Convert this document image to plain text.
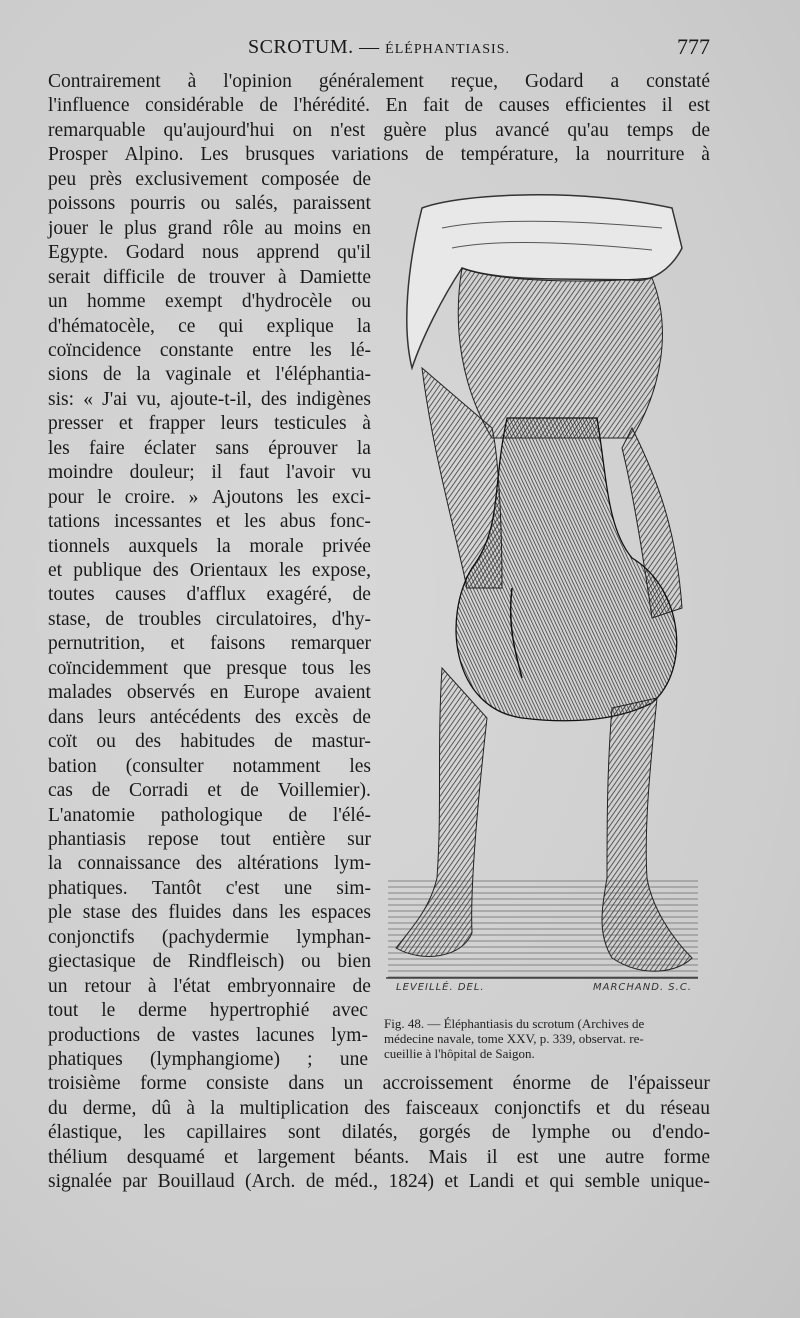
SCROTUM. — ÉLÉPHANTIASIS.	777
Contrairement à l'opinion généralement reçue, Godard a constaté
l'influence considérable de l'hérédité. En fait de causes efficientes il est
remarquable qu'aujourd'hui on n'est guère plus avancé qu'au temps de
Prosper Alpino. Les brusques variations de température, la nourriture à
peu près exclusivement composée de
poissons pourris ou salés, paraissent
jouer le plus grand rôle au moins en
Egypte. Godard nous apprend qu'il
serait difficile de trouver à Damiette
un homme exempt d'hydrocèle ou
d'hématocèle, ce qui explique la
coïncidence constante entre les lé-
sions de la vaginale et l'éléphantia-
sis: « J'ai vu, ajoute-t-il, des indigènes
presser et frapper leurs testicules à
les faire éclater sans éprouver la
moindre douleur; il faut l'avoir vu
pour le croire. » Ajoutons les exci-
tations incessantes et les abus fonc-
tionnels auxquels la morale privée
et publique des Orientaux les expose,
toutes causes d'afflux exagéré, de
stase, de troubles circulatoires, d'hy-
pernutrition, et faisons remarquer
coïncidemment que presque tous les
malades observés en Europe avaient
dans leurs antécédents des excès de
coït ou des habitudes de mastur-
bation (consulter notamment les
cas de Corradi et de Voillemier).
L'anatomie pathologique de l'élé-
phantiasis repose tout entière sur
la connaissance des altérations lym-
phatiques. Tantôt c'est une sim-
ple stase des fluides dans les espaces
conjonctifs (pachydermie lymphan-
giectasique de Rindfleisch) ou bien
un retour à l'état embryonnaire de
tout le derme hypertrophié avec
productions de vastes lacunes lym-
phatiques (lymphangiome) ; une
troisième forme consiste dans un accroissement énorme de l'épaisseur
du derme, dû à la multiplication des faisceaux conjonctifs et du réseau
élastique, les capillaires sont dilatés, gorgés de lymphe ou d'endo-
thélium desquamé et largement béants. Mais il est une autre forme
signalée par Bouillaud (Arch. de méd., 1824) et Landi et qui semble unique-
LEVEILLÉ. DEL.	MARCHAND. S.C.
Fig. 48. — Éléphantiasis du scrotum (Archives de
médecine navale, tome XXV, p. 339, observat. re-
cueillie à l'hôpital de Saigon.
